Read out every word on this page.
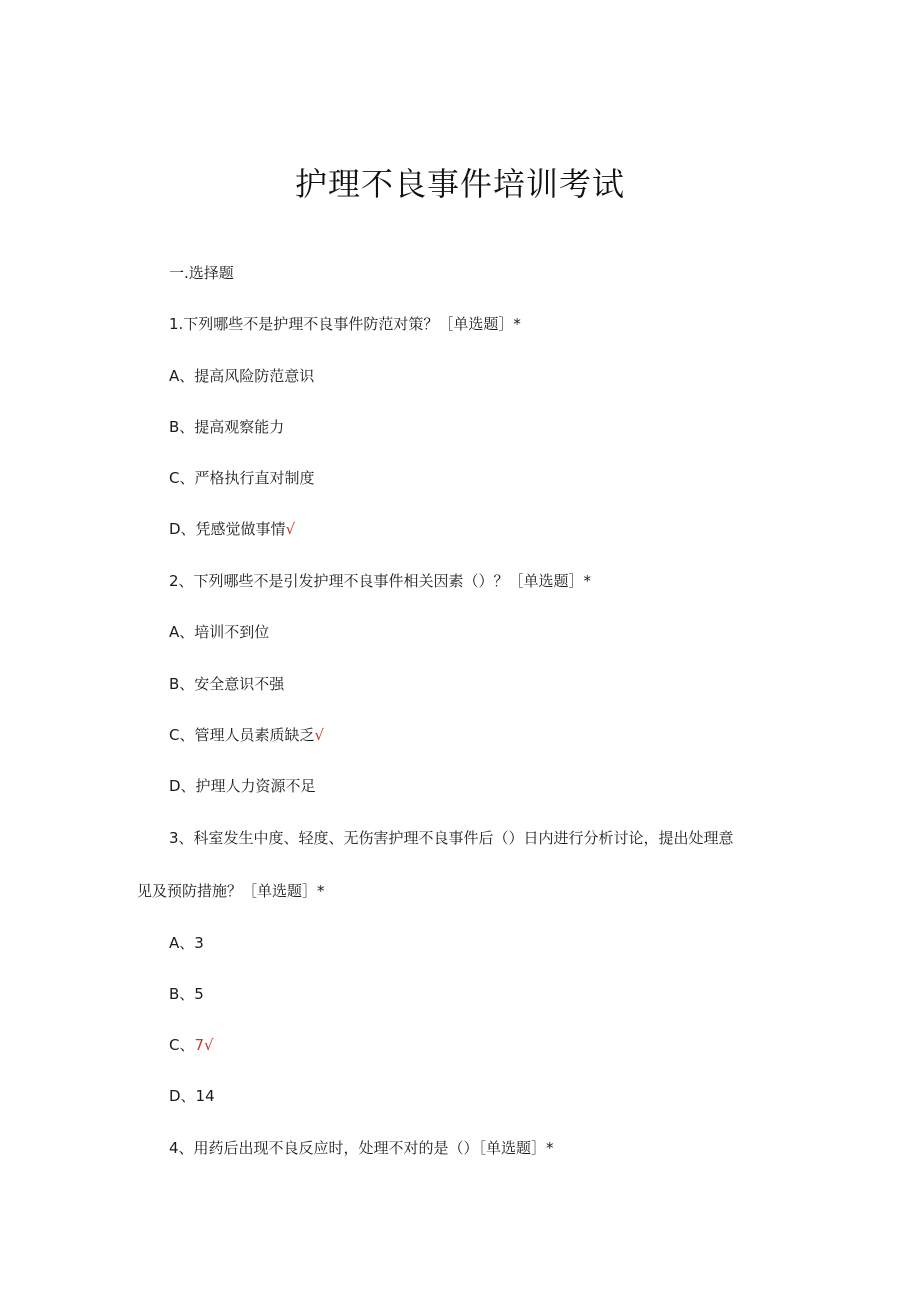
护理不良事件培训考试
一.选择题
1.下列哪些不是护理不良事件防范对策？［单选题］*
A、提高风险防范意识
B、提高观察能力
C、严格执行直对制度
D、凭感觉做事情√
2、下列哪些不是引发护理不良事件相关因素（）？［单选题］*
A、培训不到位
B、安全意识不强
C、管理人员素质缺乏√
D、护理人力资源不足
3、科室发生中度、轻度、无伤害护理不良事件后（）日内进行分析讨论，提出处理意
见及预防措施？［单选题］*
A、3
B、5
C、7√
D、14
4、用药后出现不良反应时，处理不对的是（）［单选题］*
